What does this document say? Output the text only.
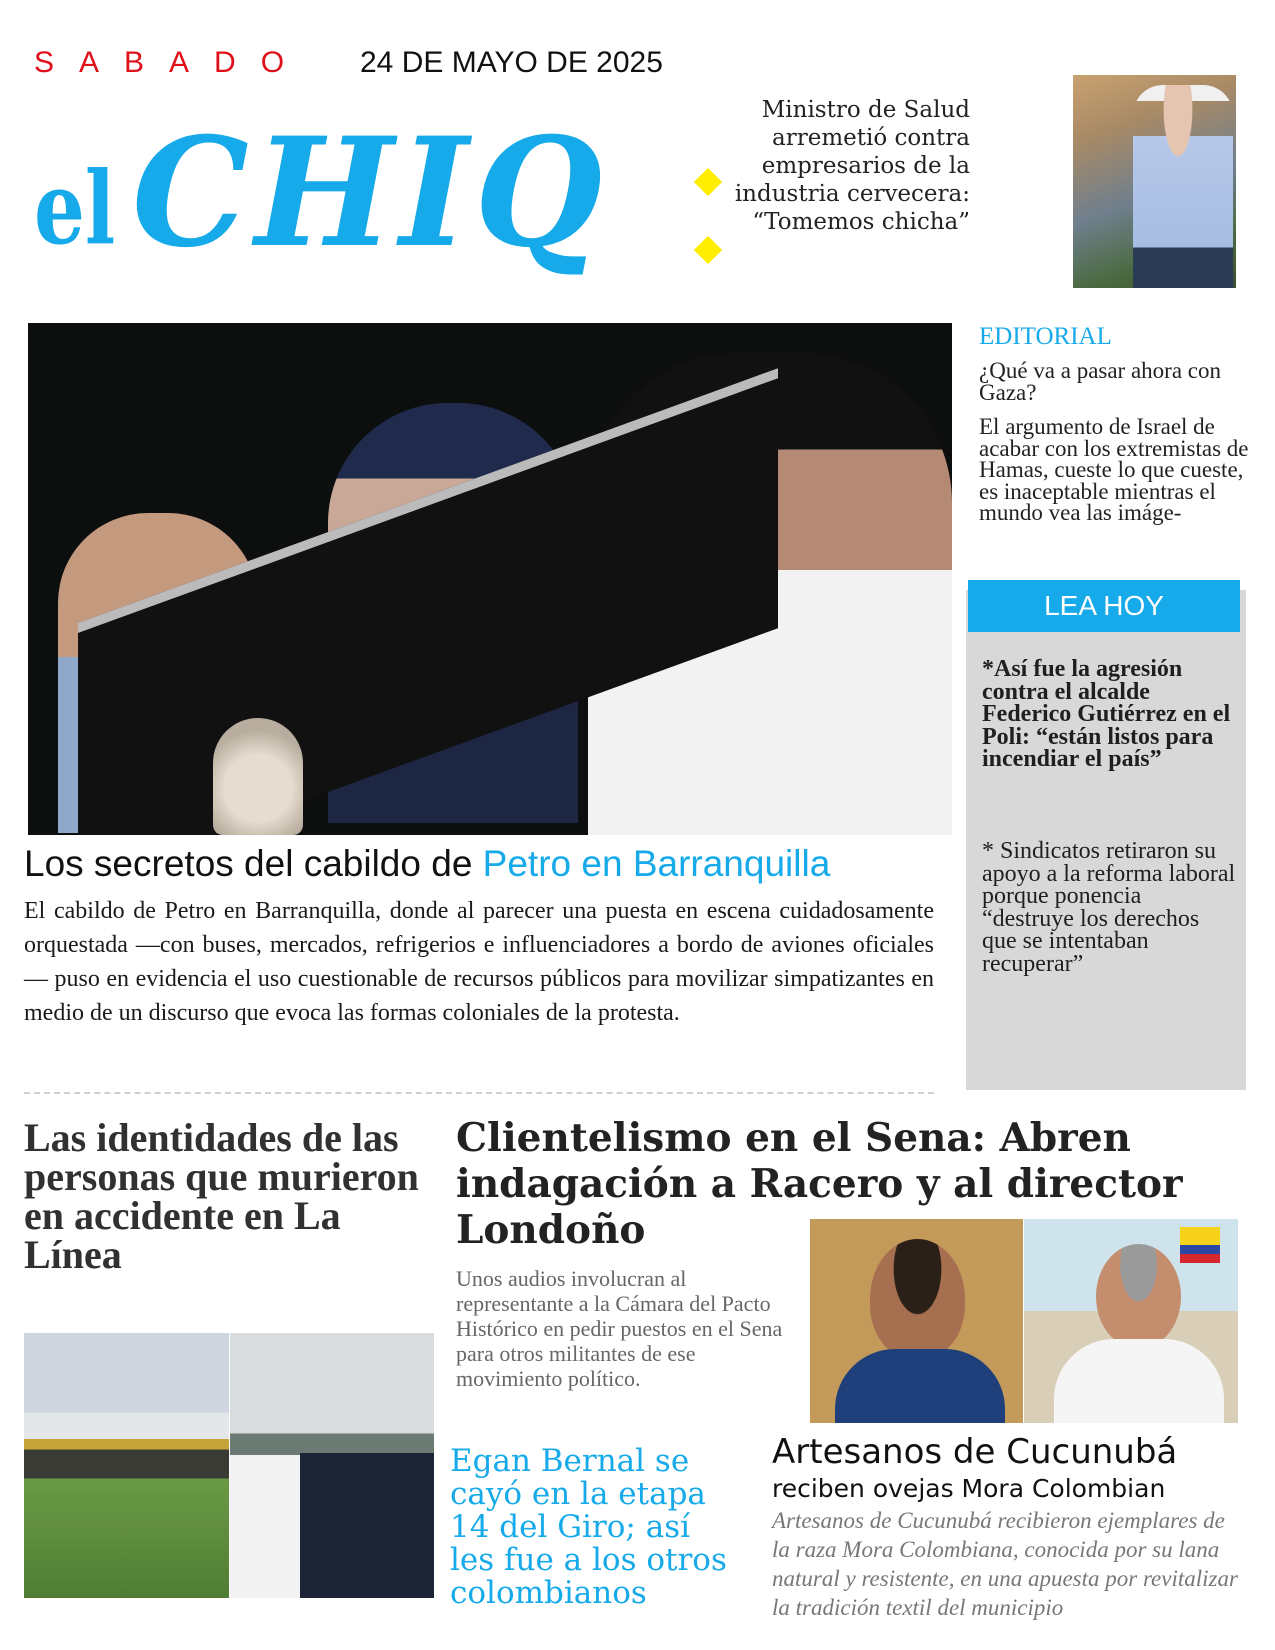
SABADO 24 DE MAYO DE 2025
el CHIQ	Ministro de Salud arremetió contra empresarios de la industria cervecera: “Tomemos chicha”
Los secretos del cabildo de Petro en Barranquilla
El cabildo de Petro en Barranquilla, donde al parecer una puesta en escena cuidadosamente orquestada —con buses, mercados, refrigerios e influenciadores a bordo de aviones oficiales— puso en evidencia el uso cuestionable de recursos públicos para movilizar simpatizantes en medio de un discurso que evoca las formas coloniales de la protesta.
EDITORIAL
¿Qué va a pasar ahora con Gaza?
El argumento de Israel de acabar con los extremistas de Hamas, cueste lo que cueste, es inaceptable mientras el mundo vea las imáge-
LEA HOY
*Así fue la agresión contra el alcalde Federico Gutiérrez en el Poli: “están listos para incendiar el país”
* Sindicatos retiraron su apoyo a la reforma laboral porque ponencia “destruye los derechos que se intentaban recuperar”
Las identidades de las personas que murieron en accidente en La Línea
Clientelismo en el Sena: Abren indagación a Racero y al director Londoño
Unos audios involucran al representante a la Cámara del Pacto Histórico en pedir puestos en el Sena para otros militantes de ese movimiento político.
Egan Bernal se cayó en la etapa 14 del Giro; así les fue a los otros colombianos
Artesanos de Cucunubá
reciben ovejas Mora Colombian
Artesanos de Cucunubá recibieron ejemplares de la raza Mora Colombiana, conocida por su lana natural y resistente, en una apuesta por revitalizar la tradición textil del municipio
